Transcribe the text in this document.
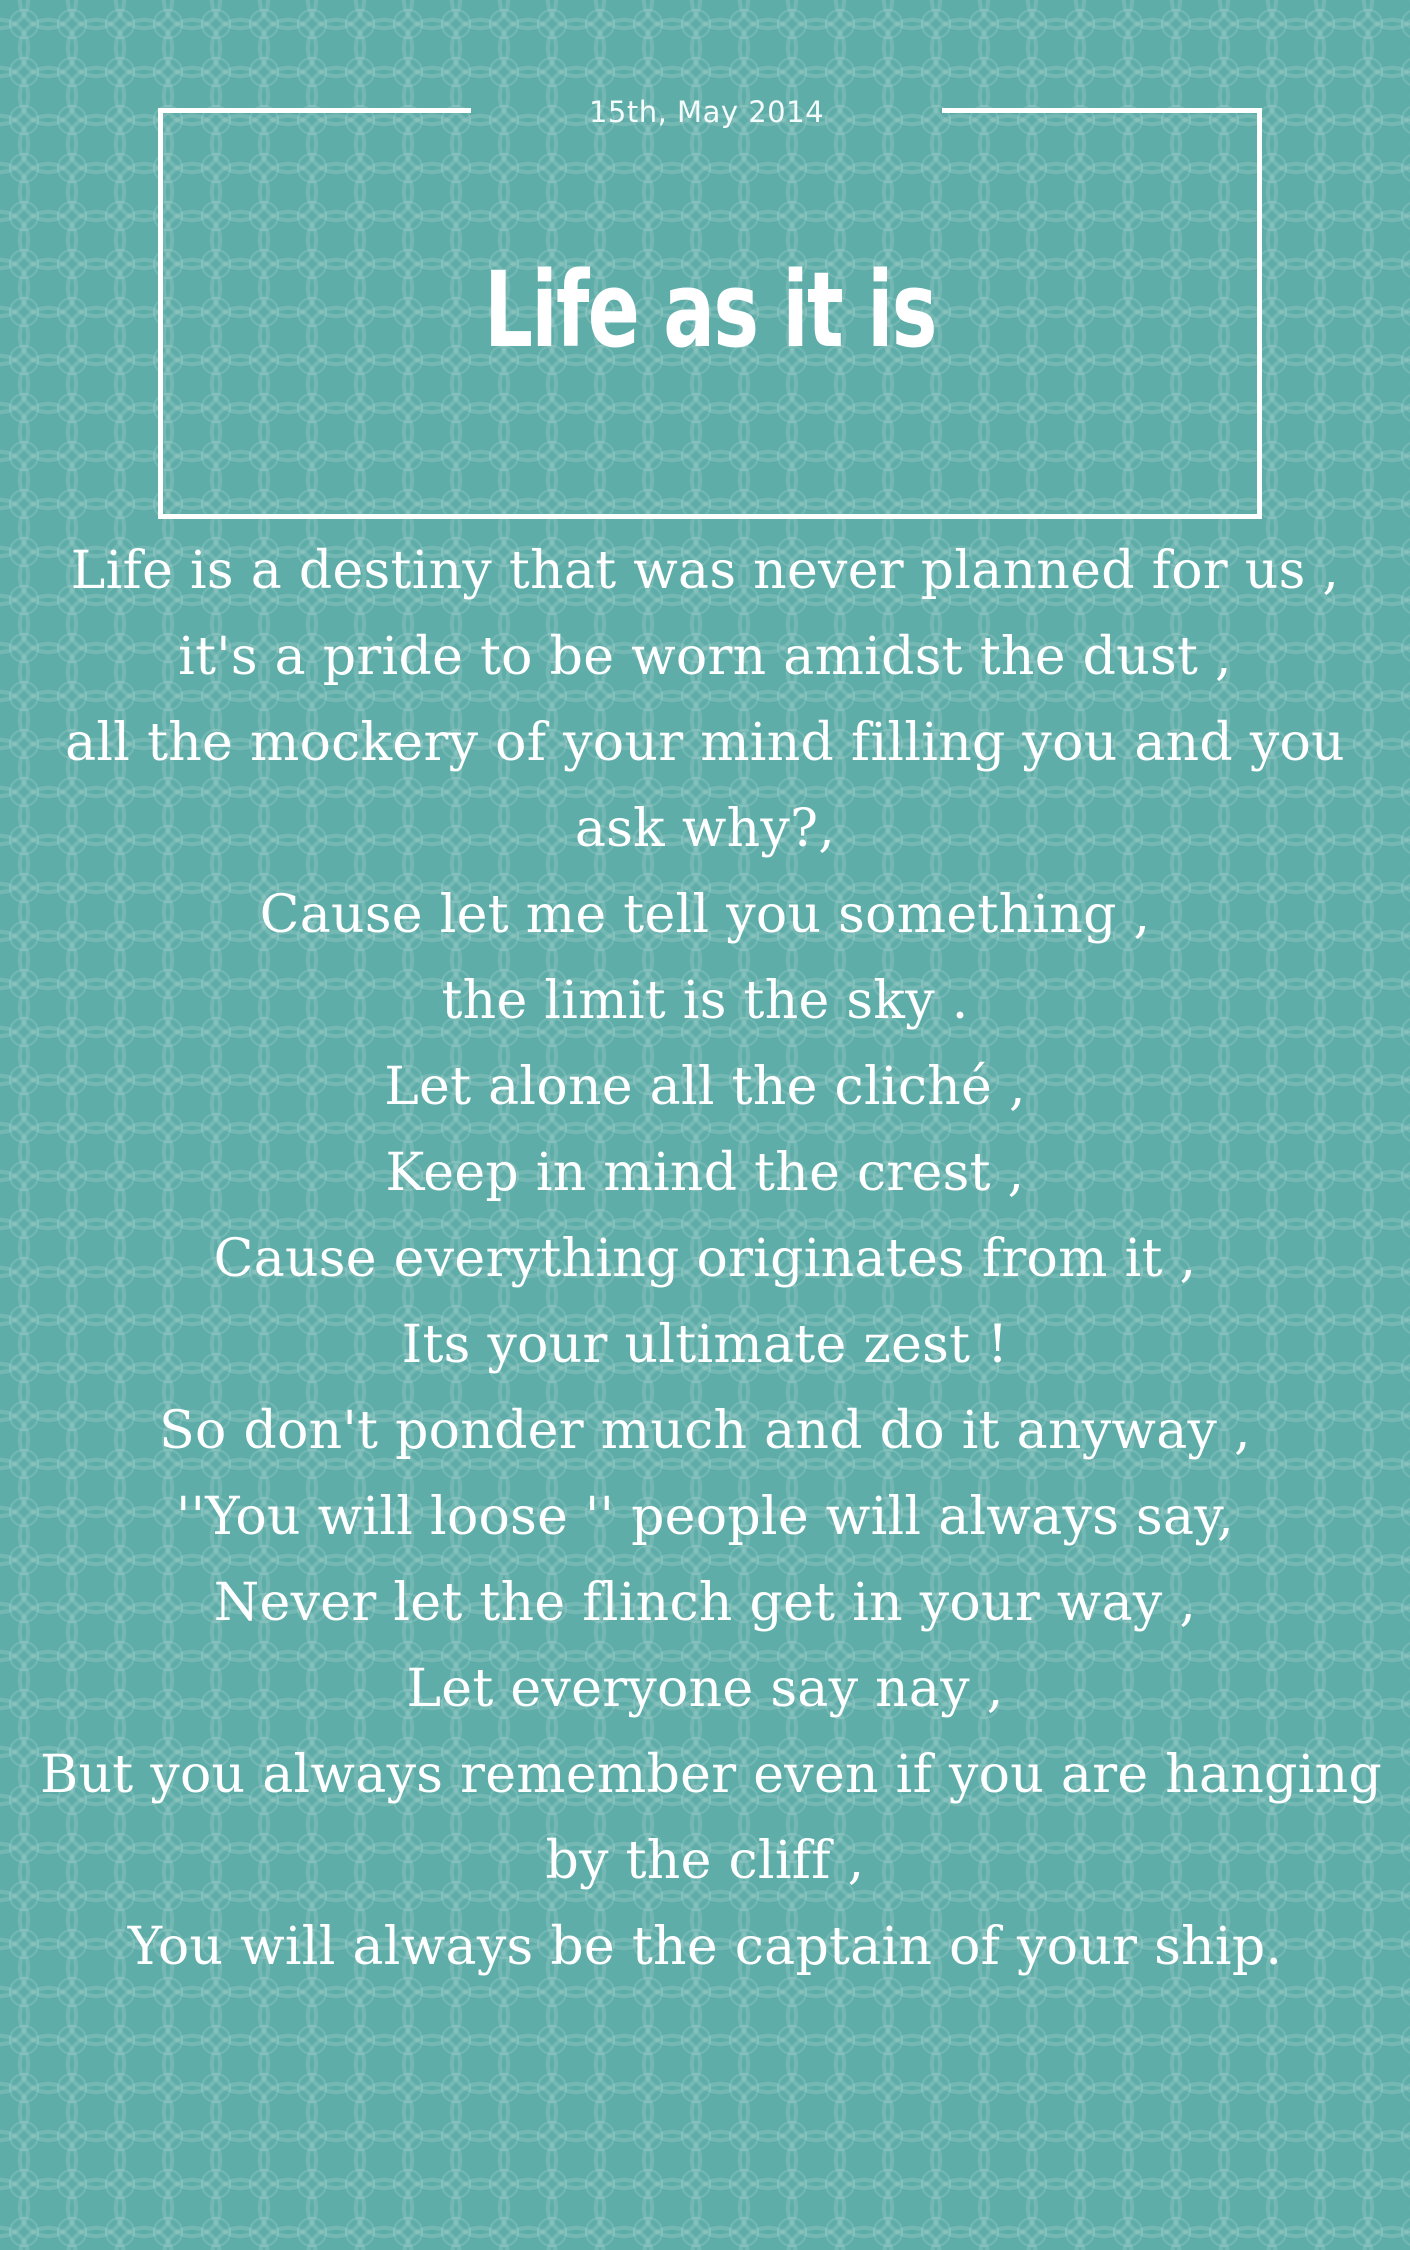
15th, May 2014
Life as it is
Life is a destiny that was never planned for us ,
it's a pride to be worn amidst the dust ,
all the mockery of your mind filling you and you
ask why?,
Cause let me tell you something ,
the limit is the sky .
Let alone all the cliché ,
Keep in mind the crest ,
Cause everything originates from it ,
Its your ultimate zest !
So don't ponder much and do it anyway ,
''You will loose '' people will always say,
Never let the flinch get in your way ,
Let everyone say nay ,
But you always remember even if you are hanging
by the cliff ,
You will always be the captain of your ship.
